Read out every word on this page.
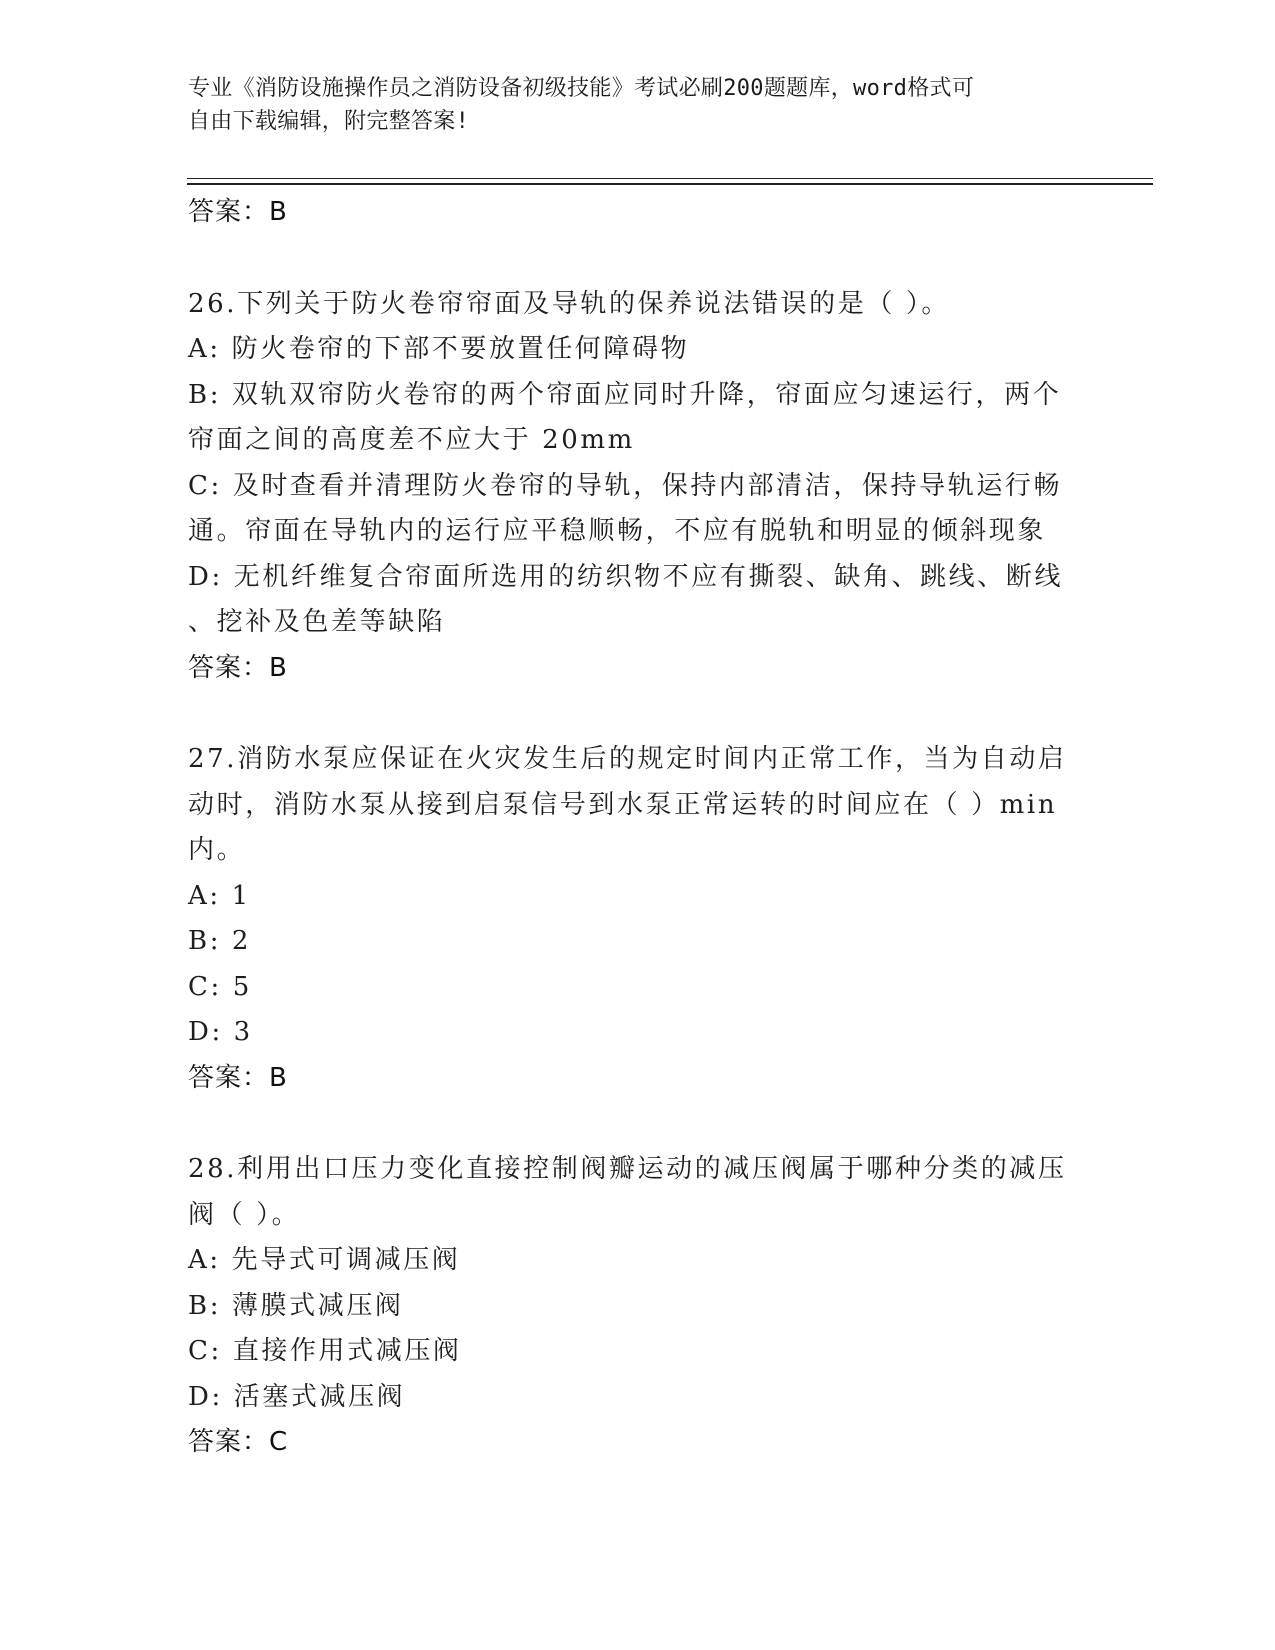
专业《消防设施操作员之消防设备初级技能》考试必刷200题题库，word格式可
自由下载编辑，附完整答案!
答案：B
26.下列关于防火卷帘帘面及导轨的保养说法错误的是（ ）。
A: 防火卷帘的下部不要放置任何障碍物
B: 双轨双帘防火卷帘的两个帘面应同时升降，帘面应匀速运行，两个
帘面之间的高度差不应大于 20mm
C: 及时查看并清理防火卷帘的导轨，保持内部清洁，保持导轨运行畅
通。帘面在导轨内的运行应平稳顺畅，不应有脱轨和明显的倾斜现象
D: 无机纤维复合帘面所选用的纺织物不应有撕裂、缺角、跳线、断线
、挖补及色差等缺陷
答案：B
27.消防水泵应保证在火灾发生后的规定时间内正常工作，当为自动启
动时，消防水泵从接到启泵信号到水泵正常运转的时间应在（ ）min
内。
A: 1
B: 2
C: 5
D: 3
答案：B
28.利用出口压力变化直接控制阀瓣运动的减压阀属于哪种分类的减压
阀（ ）。
A: 先导式可调减压阀
B: 薄膜式减压阀
C: 直接作用式减压阀
D: 活塞式减压阀
答案：C
